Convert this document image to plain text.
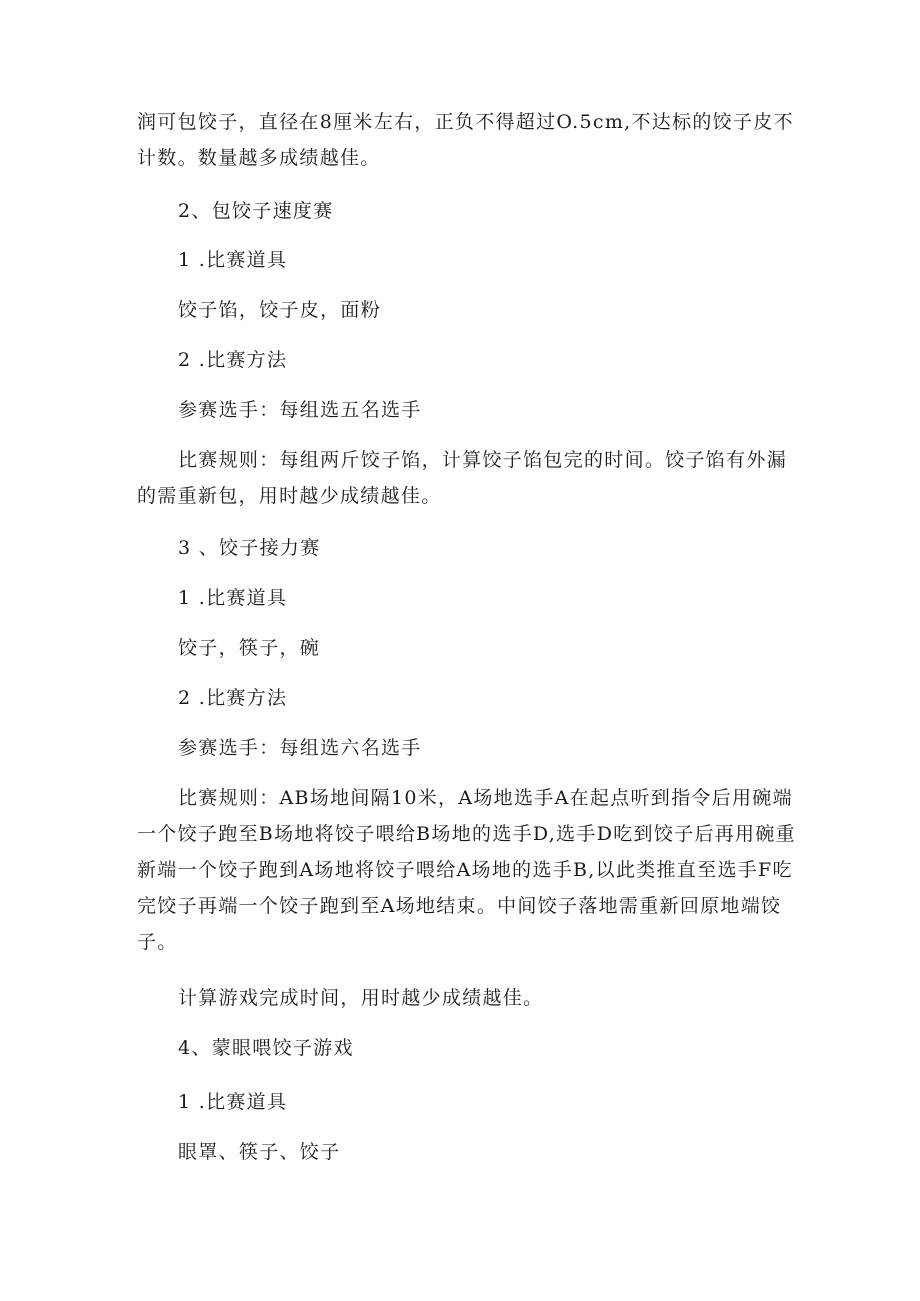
润可包饺子，直径在8厘米左右，正负不得超过O.5cm,不达标的饺子皮不计数。数量越多成绩越佳。

2、包饺子速度赛

1 .比赛道具

饺子馅，饺子皮，面粉

2 .比赛方法

参赛选手：每组选五名选手

比赛规则：每组两斤饺子馅，计算饺子馅包完的时间。饺子馅有外漏的需重新包，用时越少成绩越佳。

3 、饺子接力赛

1 .比赛道具

饺子，筷子，碗

2 .比赛方法

参赛选手：每组选六名选手

比赛规则：AB场地间隔10米，A场地选手A在起点听到指令后用碗端一个饺子跑至B场地将饺子喂给B场地的选手D,选手D吃到饺子后再用碗重新端一个饺子跑到A场地将饺子喂给A场地的选手B,以此类推直至选手F吃完饺子再端一个饺子跑到至A场地结束。中间饺子落地需重新回原地端饺子。

计算游戏完成时间，用时越少成绩越佳。

4、蒙眼喂饺子游戏

1 .比赛道具

眼罩、筷子、饺子
